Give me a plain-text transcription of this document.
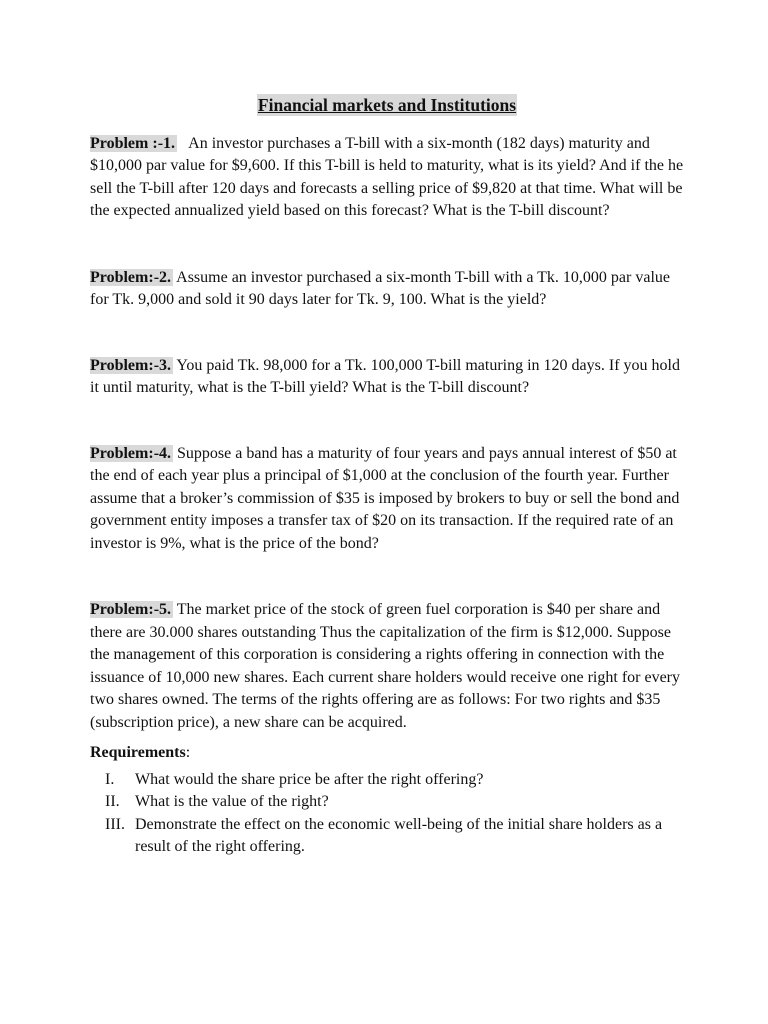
Financial markets and Institutions

Problem :-1. An investor purchases a T-bill with a six-month (182 days) maturity and $10,000 par value for $9,600. If this T-bill is held to maturity, what is its yield? And if the he sell the T-bill after 120 days and forecasts a selling price of $9,820 at that time. What will be the expected annualized yield based on this forecast? What is the T-bill discount?

Problem:-2. Assume an investor purchased a six-month T-bill with a Tk. 10,000 par value for Tk. 9,000 and sold it 90 days later for Tk. 9, 100. What is the yield?

Problem:-3. You paid Tk. 98,000 for a Tk. 100,000 T-bill maturing in 120 days. If you hold it until maturity, what is the T-bill yield? What is the T-bill discount?

Problem:-4. Suppose a band has a maturity of four years and pays annual interest of $50 at the end of each year plus a principal of $1,000 at the conclusion of the fourth year. Further assume that a broker’s commission of $35 is imposed by brokers to buy or sell the bond and government entity imposes a transfer tax of $20 on its transaction. If the required rate of an investor is 9%, what is the price of the bond?

Problem:-5. The market price of the stock of green fuel corporation is $40 per share and there are 30.000 shares outstanding Thus the capitalization of the firm is $12,000. Suppose the management of this corporation is considering a rights offering in connection with the issuance of 10,000 new shares. Each current share holders would receive one right for every two shares owned. The terms of the rights offering are as follows: For two rights and $35 (subscription price), a new share can be acquired.

Requirements:

I.	What would the share price be after the right offering?
II. What is the value of the right?
III. Demonstrate the effect on the economic well-being of the initial share holders as a result of the right offering.
